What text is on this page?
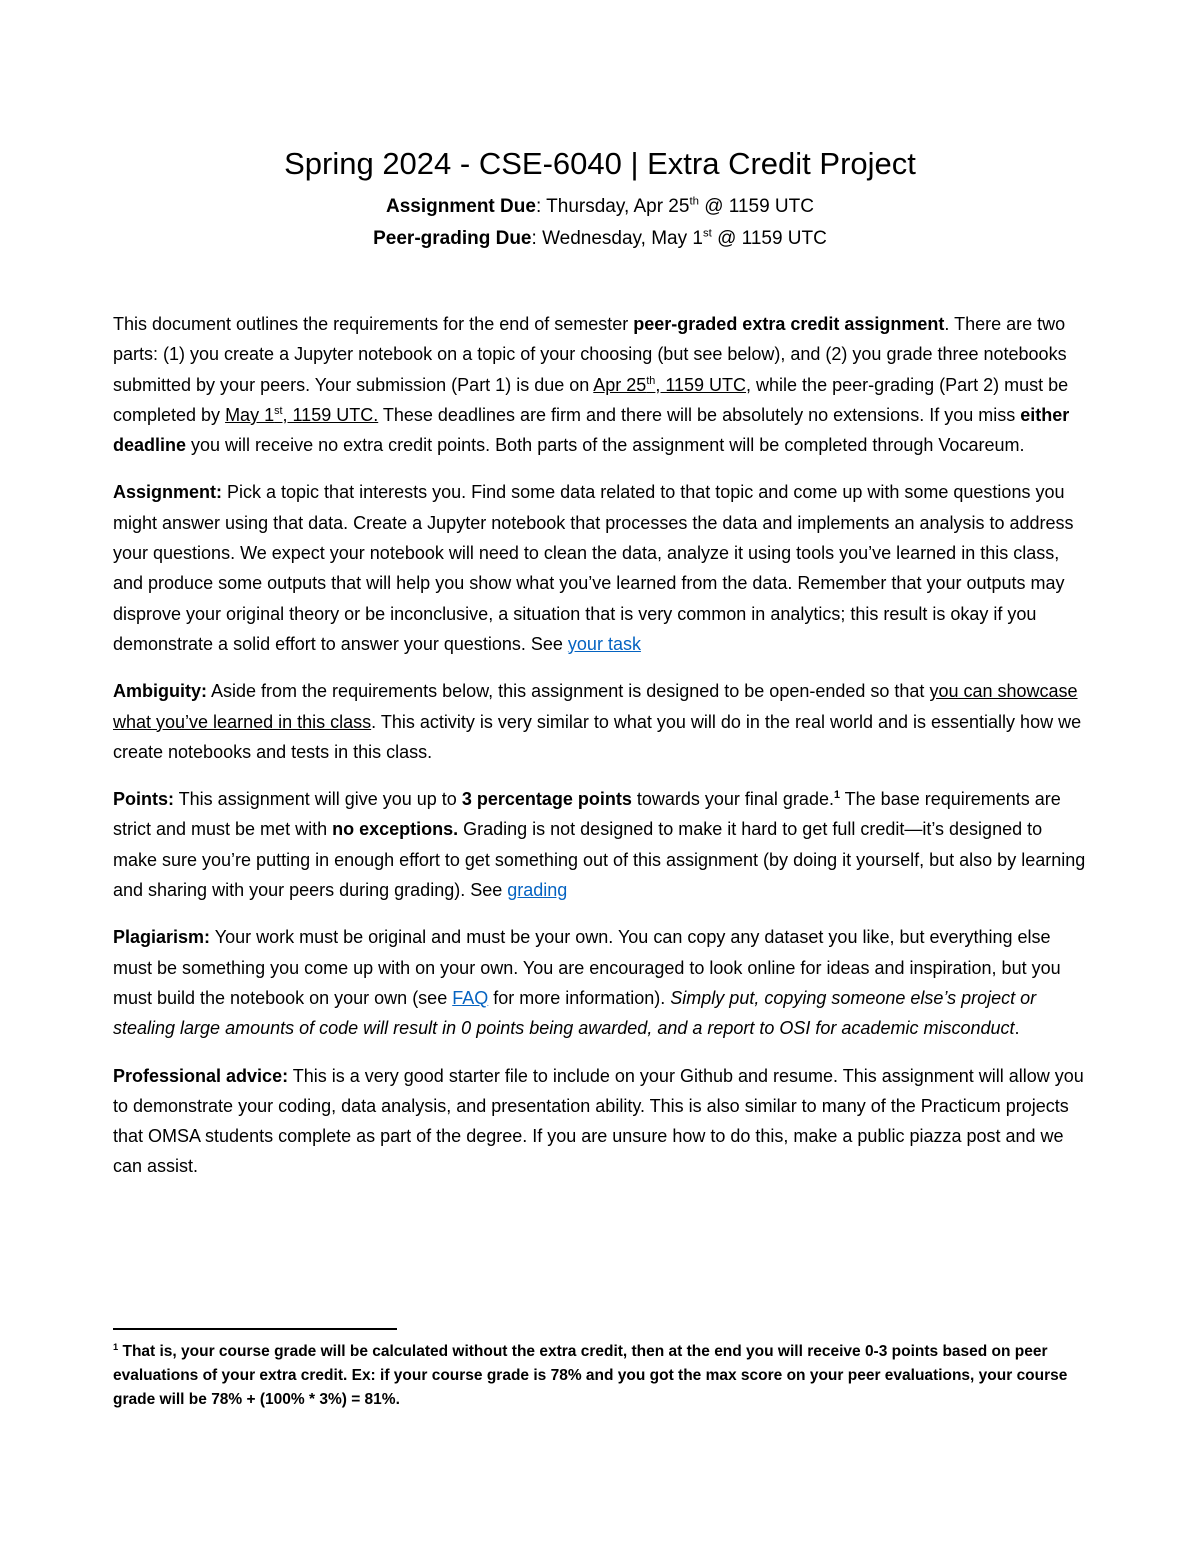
Spring 2024 - CSE-6040 | Extra Credit Project
Assignment Due: Thursday, Apr 25th @ 1159 UTC
Peer-grading Due: Wednesday, May 1st @ 1159 UTC

This document outlines the requirements for the end of semester peer-graded extra credit assignment. There are two parts: (1) you create a Jupyter notebook on a topic of your choosing (but see below), and (2) you grade three notebooks submitted by your peers. Your submission (Part 1) is due on Apr 25th, 1159 UTC, while the peer-grading (Part 2) must be completed by May 1st, 1159 UTC. These deadlines are firm and there will be absolutely no extensions. If you miss either deadline you will receive no extra credit points. Both parts of the assignment will be completed through Vocareum.

Assignment: Pick a topic that interests you. Find some data related to that topic and come up with some questions you might answer using that data. Create a Jupyter notebook that processes the data and implements an analysis to address your questions. We expect your notebook will need to clean the data, analyze it using tools you’ve learned in this class, and produce some outputs that will help you show what you’ve learned from the data. Remember that your outputs may disprove your original theory or be inconclusive, a situation that is very common in analytics; this result is okay if you demonstrate a solid effort to answer your questions. See your task

Ambiguity: Aside from the requirements below, this assignment is designed to be open-ended so that you can showcase what you’ve learned in this class. This activity is very similar to what you will do in the real world and is essentially how we create notebooks and tests in this class.

Points: This assignment will give you up to 3 percentage points towards your final grade.$^1$ The base requirements are strict and must be met with no exceptions. Grading is not designed to make it hard to get full credit—it’s designed to make sure you’re putting in enough effort to get something out of this assignment (by doing it yourself, but also by learning and sharing with your peers during grading). See grading

Plagiarism: Your work must be original and must be your own. You can copy any dataset you like, but everything else must be something you come up with on your own. You are encouraged to look online for ideas and inspiration, but you must build the notebook on your own (see FAQ for more information). Simply put, copying someone else’s project or stealing large amounts of code will result in 0 points being awarded, and a report to OSI for academic misconduct.

Professional advice: This is a very good starter file to include on your Github and resume. This assignment will allow you to demonstrate your coding, data analysis, and presentation ability. This is also similar to many of the Practicum projects that OMSA students complete as part of the degree. If you are unsure how to do this, make a public piazza post and we can assist.

$^1$ That is, your course grade will be calculated without the extra credit, then at the end you will receive 0-3 points based on peer evaluations of your extra credit. Ex: if your course grade is 78% and you got the max score on your peer evaluations, your course grade will be 78% + (100% * 3%) = 81%.
